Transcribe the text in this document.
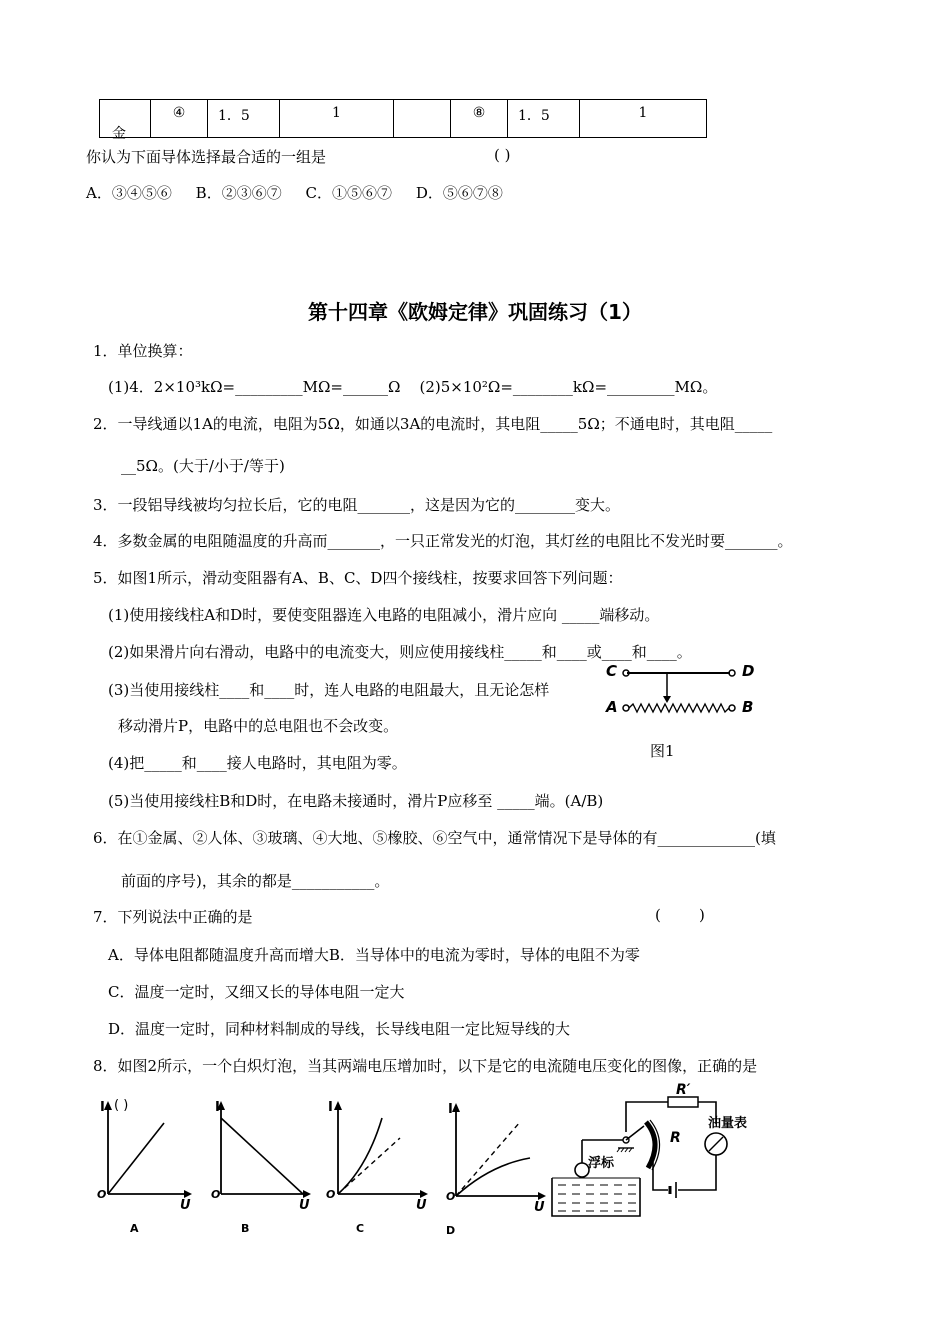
金	④	1．5	1		⑧	1．5	1
你认为下面导体选择最合适的一组是	( )
A．③④⑤⑥     B．②③⑥⑦     C．①⑤⑥⑦     D．⑤⑥⑦⑧
第十四章《欧姆定律》巩固练习（1）
1．单位换算：
(1)4．2×10³kΩ=_________MΩ=______Ω    (2)5×10²Ω=________kΩ=_________MΩ。
2．一导线通以1A的电流，电阻为5Ω，如通以3A的电流时，其电阻_____5Ω；不通电时，其电阻_____
__5Ω。(大于/小于/等于)
3．一段铝导线被均匀拉长后，它的电阻_______，这是因为它的________变大。
4．多数金属的电阻随温度的升高而_______，一只正常发光的灯泡，其灯丝的电阻比不发光时要_______。
5．如图1所示，滑动变阻器有A、B、C、D四个接线柱，按要求回答下列问题：
(1)使用接线柱A和D时，要使变阻器连入电路的电阻减小，滑片应向 _____端移动。
(2)如果滑片向右滑动，电路中的电流变大，则应使用接线柱_____和____或____和____。
(3)当使用接线柱____和____时，连人电路的电阻最大，且无论怎样
移动滑片P，电路中的总电阻也不会改变。
(4)把_____和____接人电路时，其电阻为零。
(5)当使用接线柱B和D时，在电路未接通时，滑片P应移至 _____端。(A/B)
6．在①金属、②人体、③玻璃、④大地、⑤橡胶、⑥空气中，通常情况下是导体的有_____________(填
前面的序号)，其余的都是___________。
7．下列说法中正确的是	(        )
A．导体电阻都随温度升高而增大B．当导体中的电流为零时，导体的电阻不为零
C．温度一定时，又细又长的导体电阻一定大
D．温度一定时，同种材料制成的导线，长导线电阻一定比短导线的大
8．如图2所示，一个白炽灯泡，当其两端电压增加时，以下是它的电流随电压变化的图像，正确的是
C	D
A	B
图1
I ( )
O
U
A
I
O
U
B
I
O
U
C
I
O
U
D
R′
R
油量表
浮标
